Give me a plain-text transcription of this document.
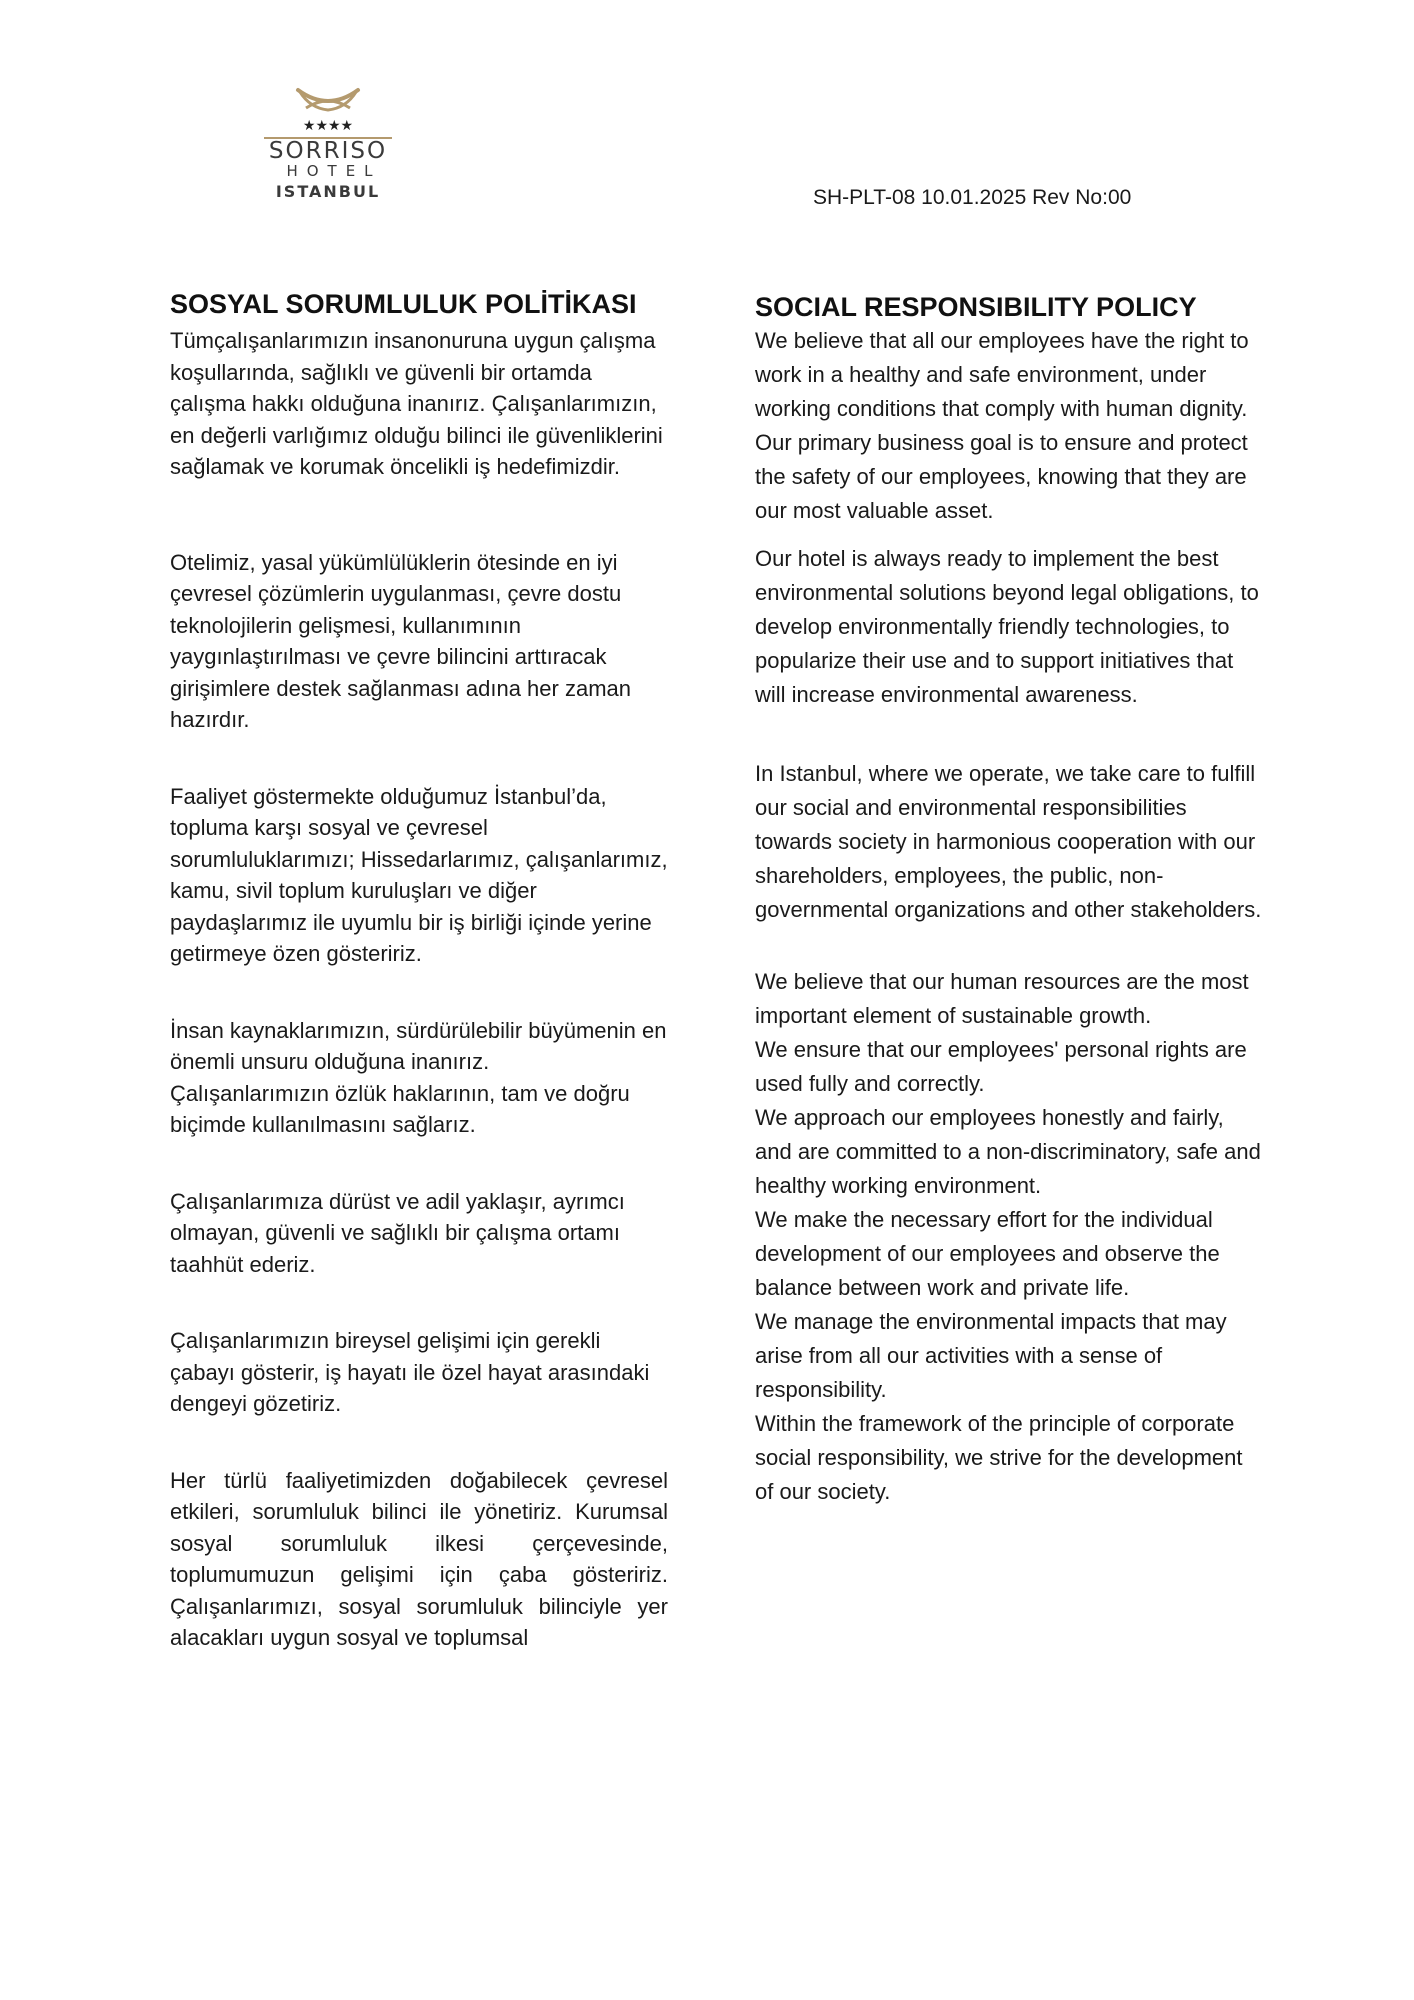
★★★★
SORRISO
HOTEL
ISTANBUL	SH-PLT-08 10.01.2025 Rev No:00
SOSYAL SORUMLULUK POLİTİKASI

Tümçalışanlarımızın insanonuruna uygun çalışma koşullarında, sağlıklı ve güvenli bir ortamda çalışma hakkı olduğuna inanırız. Çalışanlarımızın, en değerli varlığımız olduğu bilinci ile güvenliklerini sağlamak ve korumak öncelikli iş hedefimizdir.

Otelimiz, yasal yükümlülüklerin ötesinde en iyi çevresel çözümlerin uygulanması, çevre dostu teknolojilerin gelişmesi, kullanımının yaygınlaştırılması ve çevre bilincini arttıracak girişimlere destek sağlanması adına her zaman hazırdır.

Faaliyet göstermekte olduğumuz İstanbul’da, topluma karşı sosyal ve çevresel sorumluluklarımızı; Hissedarlarımız, çalışanlarımız, kamu, sivil toplum kuruluşları ve diğer paydaşlarımız ile uyumlu bir iş birliği içinde yerine getirmeye özen gösteririz.

İnsan kaynaklarımızın, sürdürülebilir büyümenin en önemli unsuru olduğuna inanırız.

Çalışanlarımızın özlük haklarının, tam ve doğru biçimde kullanılmasını sağlarız.

Çalışanlarımıza dürüst ve adil yaklaşır, ayrımcı olmayan, güvenli ve sağlıklı bir çalışma ortamı taahhüt ederiz.

Çalışanlarımızın bireysel gelişimi için gerekli çabayı gösterir, iş hayatı ile özel hayat arasındaki dengeyi gözetiriz.

Her türlü faaliyetimizden doğabilecek çevresel etkileri, sorumluluk bilinci ile yönetiriz. Kurumsal sosyal sorumluluk ilkesi çerçevesinde, toplumumuzun gelişimi için çaba gösteririz. Çalışanlarımızı, sosyal sorumluluk bilinciyle yer alacakları uygun sosyal ve toplumsal

SOCIAL RESPONSIBILITY POLICY

We believe that all our employees have the right to work in a healthy and safe environment, under working conditions that comply with human dignity. Our primary business goal is to ensure and protect the safety of our employees, knowing that they are our most valuable asset.

Our hotel is always ready to implement the best environmental solutions beyond legal obligations, to develop environmentally friendly technologies, to popularize their use and to support initiatives that will increase environmental awareness.

In Istanbul, where we operate, we take care to fulfill our social and environmental responsibilities towards society in harmonious cooperation with our shareholders, employees, the public, non-governmental organizations and other stakeholders.

We believe that our human resources are the most important element of sustainable growth.

We ensure that our employees' personal rights are used fully and correctly.

We approach our employees honestly and fairly, and are committed to a non-discriminatory, safe and healthy working environment.

We make the necessary effort for the individual development of our employees and observe the balance between work and private life.

We manage the environmental impacts that may arise from all our activities with a sense of responsibility.

Within the framework of the principle of corporate social responsibility, we strive for the development of our society.
